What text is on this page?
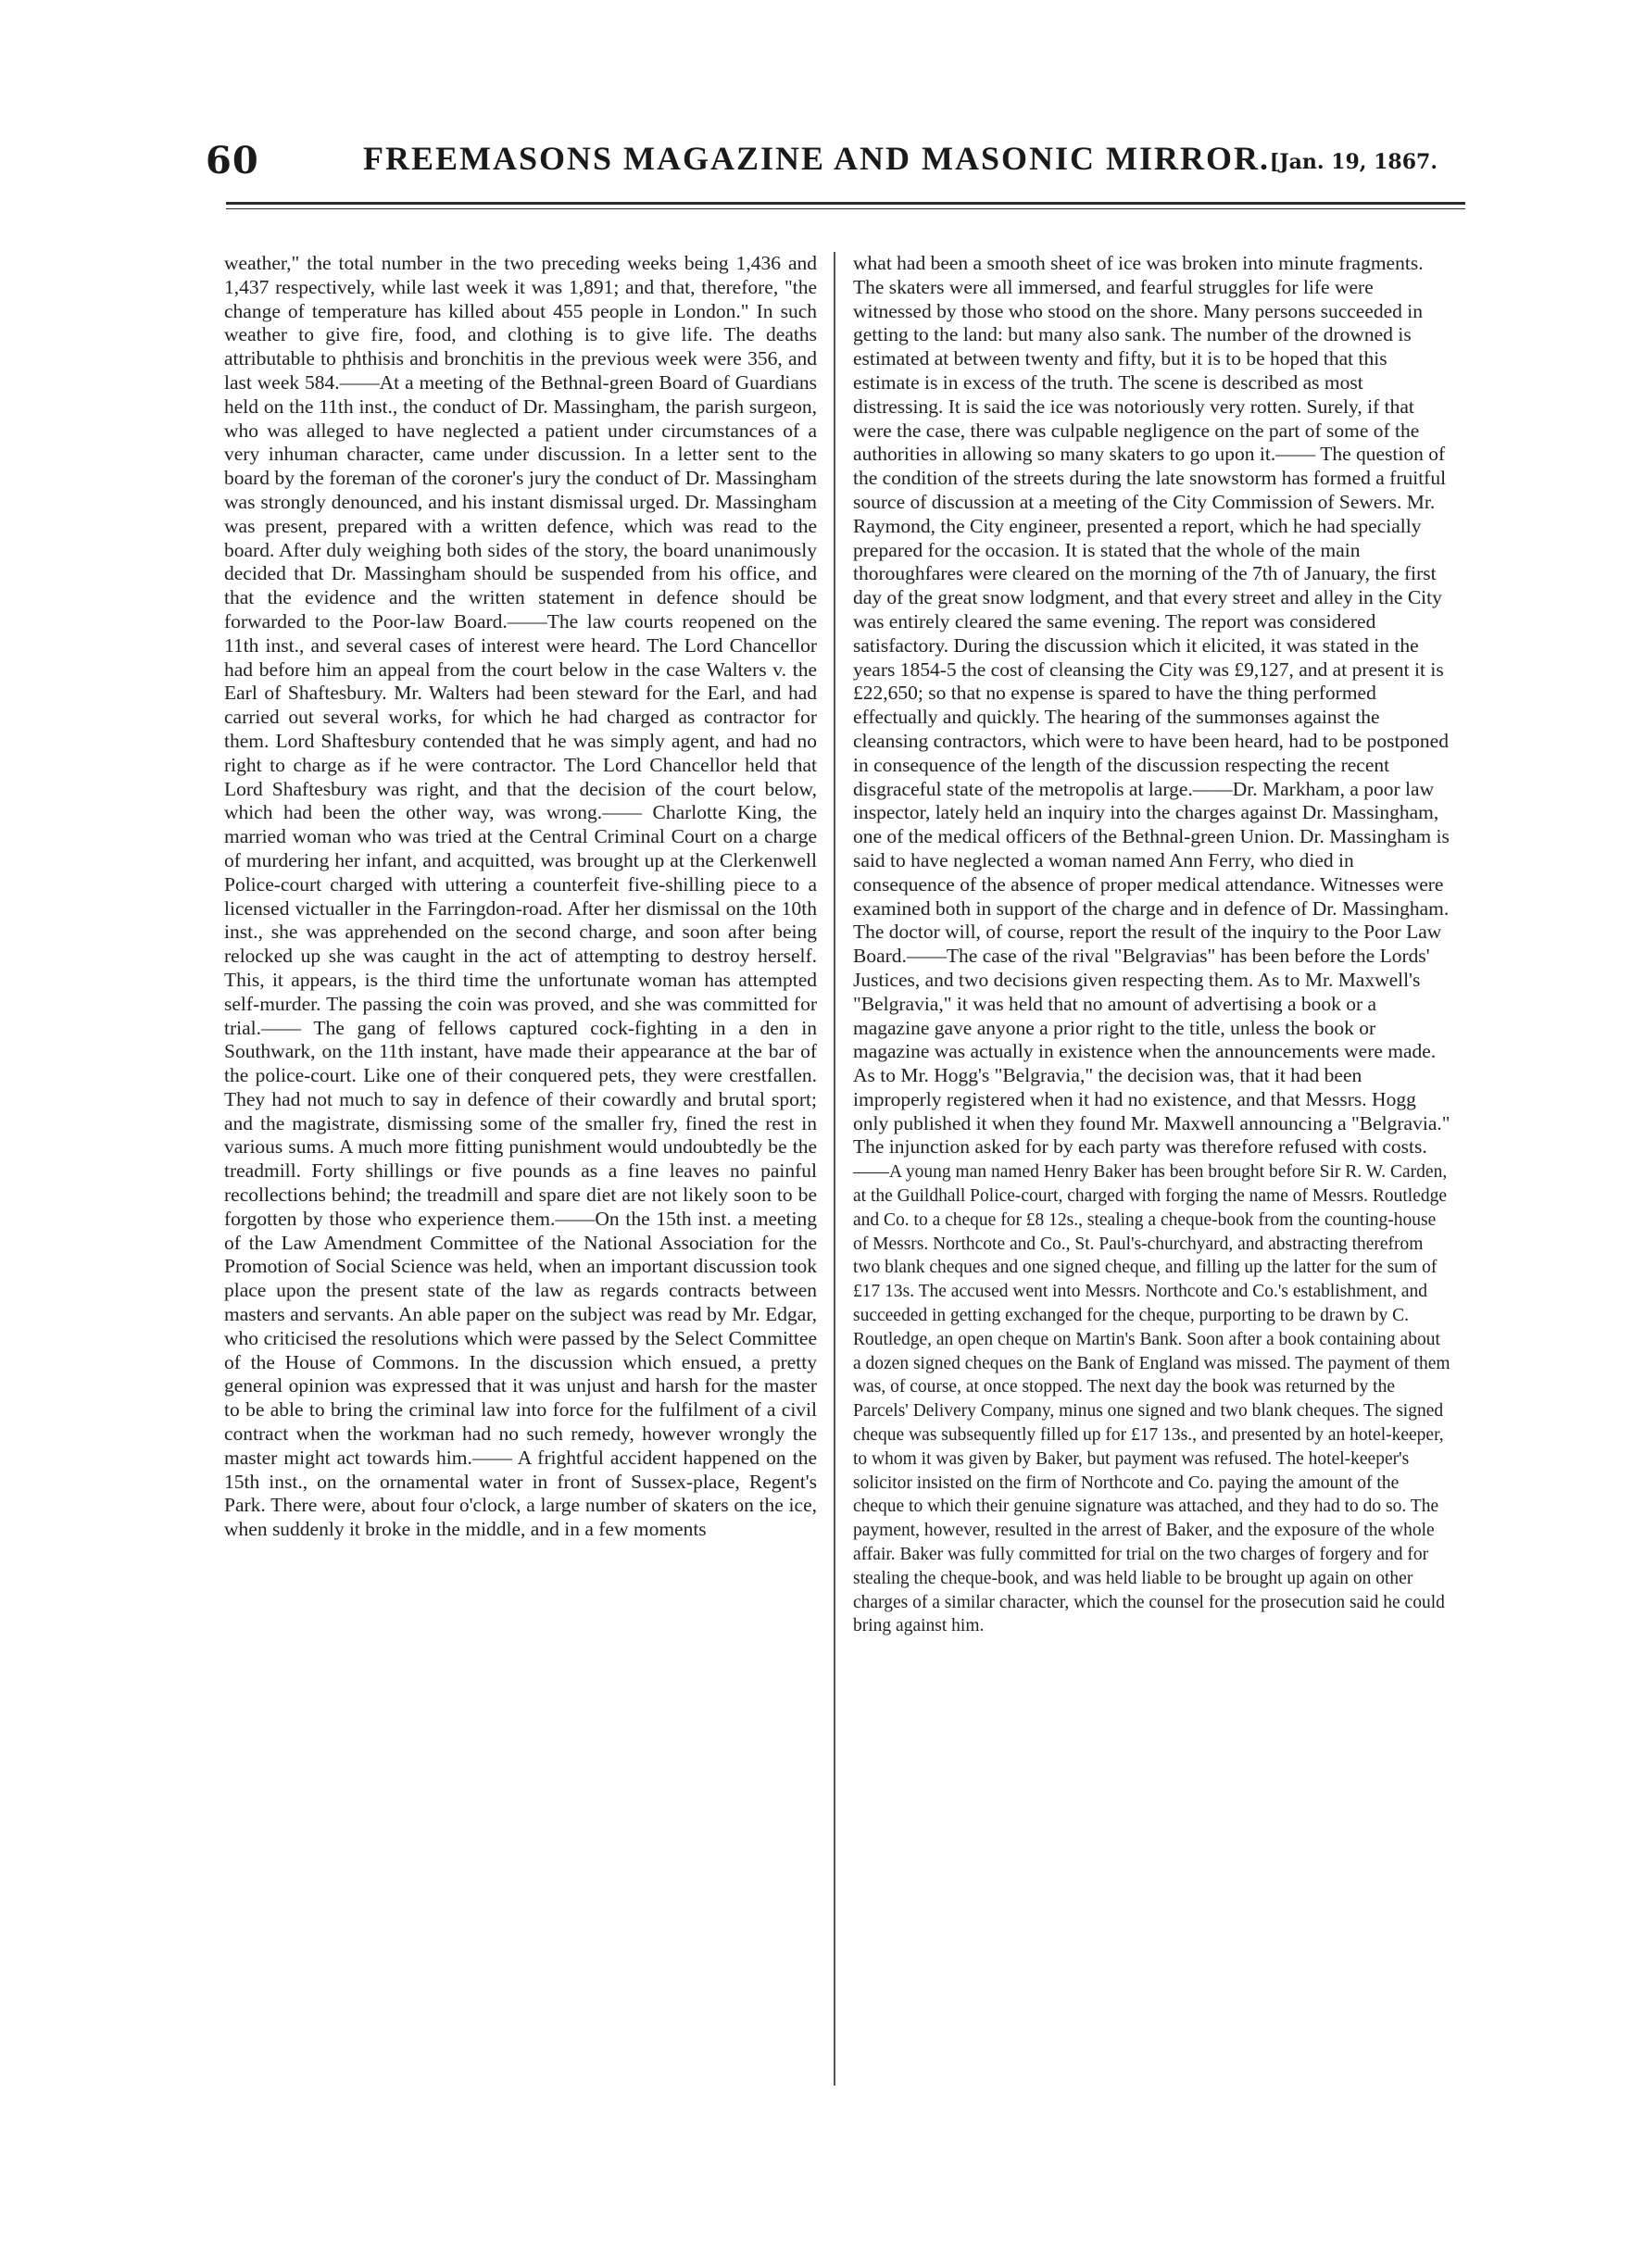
60	FREEMASONS MAGAZINE AND MASONIC MIRROR. [Jan. 19, 1867.

weather," the total number in the two preceding weeks being 1,436 and 1,437 respectively, while last week it was 1,891; and that, therefore, "the change of temperature has killed about 455 people in London." In such weather to give fire, food, and clothing is to give life. The deaths attributable to phthisis and bronchitis in the previous week were 356, and last week 584.——At a meeting of the Bethnal-green Board of Guardians held on the 11th inst., the conduct of Dr. Massingham, the parish surgeon, who was alleged to have neglected a patient under circumstances of a very inhuman character, came under discussion. In a letter sent to the board by the foreman of the coroner's jury the conduct of Dr. Massingham was strongly denounced, and his instant dismissal urged. Dr. Massingham was present, prepared with a written defence, which was read to the board. After duly weighing both sides of the story, the board unanimously decided that Dr. Massingham should be suspended from his office, and that the evidence and the written statement in defence should be forwarded to the Poor-law Board.——The law courts reopened on the 11th inst., and several cases of interest were heard. The Lord Chancellor had before him an appeal from the court below in the case Walters v. the Earl of Shaftesbury. Mr. Walters had been steward for the Earl, and had carried out several works, for which he had charged as contractor for them. Lord Shaftesbury contended that he was simply agent, and had no right to charge as if he were contractor. The Lord Chancellor held that Lord Shaftesbury was right, and that the decision of the court below, which had been the other way, was wrong.—— Charlotte King, the married woman who was tried at the Central Criminal Court on a charge of murdering her infant, and acquitted, was brought up at the Clerkenwell Police-court charged with uttering a counterfeit five-shilling piece to a licensed victualler in the Farringdon-road. After her dismissal on the 10th inst., she was apprehended on the second charge, and soon after being relocked up she was caught in the act of attempting to destroy herself. This, it appears, is the third time the unfortunate woman has attempted self-murder. The passing the coin was proved, and she was committed for trial.—— The gang of fellows captured cock-fighting in a den in Southwark, on the 11th instant, have made their appearance at the bar of the police-court. Like one of their conquered pets, they were crestfallen. They had not much to say in defence of their cowardly and brutal sport; and the magistrate, dismissing some of the smaller fry, fined the rest in various sums. A much more fitting punishment would undoubtedly be the treadmill. Forty shillings or five pounds as a fine leaves no painful recollections behind; the treadmill and spare diet are not likely soon to be forgotten by those who experience them.——On the 15th inst. a meeting of the Law Amendment Committee of the National Association for the Promotion of Social Science was held, when an important discussion took place upon the present state of the law as regards contracts between masters and servants. An able paper on the subject was read by Mr. Edgar, who criticised the resolutions which were passed by the Select Committee of the House of Commons. In the discussion which ensued, a pretty general opinion was expressed that it was unjust and harsh for the master to be able to bring the criminal law into force for the fulfilment of a civil contract when the workman had no such remedy, however wrongly the master might act towards him.—— A frightful accident happened on the 15th inst., on the ornamental water in front of Sussex-place, Regent's Park. There were, about four o'clock, a large number of skaters on the ice, when suddenly it broke in the middle, and in a few moments

what had been a smooth sheet of ice was broken into minute fragments. The skaters were all immersed, and fearful struggles for life were witnessed by those who stood on the shore. Many persons succeeded in getting to the land: but many also sank. The number of the drowned is estimated at between twenty and fifty, but it is to be hoped that this estimate is in excess of the truth. The scene is described as most distressing. It is said the ice was notoriously very rotten. Surely, if that were the case, there was culpable negligence on the part of some of the authorities in allowing so many skaters to go upon it.—— The question of the condition of the streets during the late snowstorm has formed a fruitful source of discussion at a meeting of the City Commission of Sewers. Mr. Raymond, the City engineer, presented a report, which he had specially prepared for the occasion. It is stated that the whole of the main thoroughfares were cleared on the morning of the 7th of January, the first day of the great snow lodgment, and that every street and alley in the City was entirely cleared the same evening. The report was considered satisfactory. During the discussion which it elicited, it was stated in the years 1854-5 the cost of cleansing the City was £9,127, and at present it is £22,650; so that no expense is spared to have the thing performed effectually and quickly. The hearing of the summonses against the cleansing contractors, which were to have been heard, had to be postponed in consequence of the length of the discussion respecting the recent disgraceful state of the metropolis at large.——Dr. Markham, a poor law inspector, lately held an inquiry into the charges against Dr. Massingham, one of the medical officers of the Bethnal-green Union. Dr. Massingham is said to have neglected a woman named Ann Ferry, who died in consequence of the absence of proper medical attendance. Witnesses were examined both in support of the charge and in defence of Dr. Massingham. The doctor will, of course, report the result of the inquiry to the Poor Law Board.——The case of the rival "Belgravias" has been before the Lords' Justices, and two decisions given respecting them. As to Mr. Maxwell's "Belgravia," it was held that no amount of advertising a book or a magazine gave anyone a prior right to the title, unless the book or magazine was actually in existence when the announcements were made. As to Mr. Hogg's "Belgravia," the decision was, that it had been improperly registered when it had no existence, and that Messrs. Hogg only published it when they found Mr. Maxwell announcing a "Belgravia." The injunction asked for by each party was therefore refused with costs.——A young man named Henry Baker has been brought before Sir R. W. Carden, at the Guildhall Police-court, charged with forging the name of Messrs. Routledge and Co. to a cheque for £8 12s., stealing a cheque-book from the counting-house of Messrs. Northcote and Co., St. Paul's-churchyard, and abstracting therefrom two blank cheques and one signed cheque, and filling up the latter for the sum of £17 13s. The accused went into Messrs. Northcote and Co.'s establishment, and succeeded in getting exchanged for the cheque, purporting to be drawn by C. Routledge, an open cheque on Martin's Bank. Soon after a book containing about a dozen signed cheques on the Bank of England was missed. The payment of them was, of course, at once stopped. The next day the book was returned by the Parcels' Delivery Company, minus one signed and two blank cheques. The signed cheque was subsequently filled up for £17 13s., and presented by an hotel-keeper, to whom it was given by Baker, but payment was refused. The hotel-keeper's solicitor insisted on the firm of Northcote and Co. paying the amount of the cheque to which their genuine signature was attached, and they had to do so. The payment, however, resulted in the arrest of Baker, and the exposure of the whole affair. Baker was fully committed for trial on the two charges of forgery and for stealing the cheque-book, and was held liable to be brought up again on other charges of a similar character, which the counsel for the prosecution said he could bring against him.
